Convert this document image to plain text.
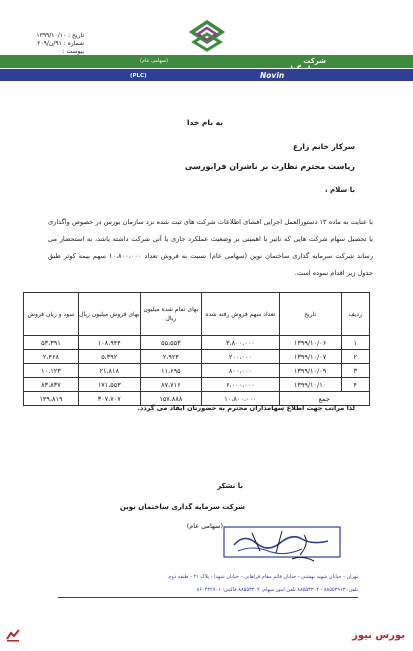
تاریخ : ۱۳۹۹/۱۰/۱۰
شماره : ۹۱/ن/۲۰۹
پیوست :
شرکت نوین
(سهامی عام)
Novin Construction Investment Co.
(PLC)
به نام خدا
سرکار خانم زارع
ریاست محترم نظارت بر ناشران فرابورسی
با سلام ،
با عنایت به ماده ۱۳ دستورالعمل اجرایی افشای اطلاعات شرکت های ثبت شده نزد سازمان بورس در خصوص واگذاری یا تحصیل سهام شرکت هایی که تاثیر با اهمیتی بر وضعیت عملکرد جاری یا آتی شرکت داشته باشد، به استحضار می رساند شرکت سرمایه گذاری ساختمان نوین (سهامی عام) نسبت به فروش تعداد ۱۰،۸۰۰،۰۰۰ سهم بیمه کوثر طبق جدول زیر اقدام نموده است.
ردیف	تاریخ	تعداد سهم فروش رفته شده	بهای تمام شده میلیون ریال	بهای فروش میلیون ریال	سود و زیان فروش
۱	۱۳۹۹/۱۰/۰۶	۳،۸۰۰،۰۰۰	۵۵،۵۵۳	۱۰۸،۹۴۴	۵۳،۳۹۱
۲	۱۳۹۹/۱۰/۰۷	۲۰۰،۰۰۰	۲،۹۲۴	۵،۳۹۲	۲،۴۶۸
۳	۱۳۹۹/۱۰/۰۹	۸۰۰،۰۰۰	۱۱،۶۹۵	۲۱،۸۱۸	۱۰،۱۲۳
۴	۱۳۹۹/۱۰/۱۰	۶،۰۰۰،۰۰۰	۸۷،۷۱۶	۱۷۱،۵۵۳	۸۳،۸۳۷
جمع		۱۰،۸۰۰،۰۰۰	۱۵۷،۸۸۸	۳۰۷،۷۰۷	۱۴۹،۸۱۹
لذا مراتب جهت اطلاع سهامداران محترم به حضورتان ایفاد می گردد.
با تشکر
شرکت سرمایه گذاری ساختمان نوین
(سهامی عام)
تهران - خیابان شهید بهشتی - خیابان قائم مقام فراهانی - خیابان شهدا - پلاک ۲۱ - طبقه دوم
تلفن: ۸۸۵۵۳۹۱۳ - ۸۸۵۵۳۳۰۴ تلفن امور سهام: ۸۸۵۵۳۳۰۴ فاکس: ۸۶۰۴۴۲۷۰۱
بورس نیوز
